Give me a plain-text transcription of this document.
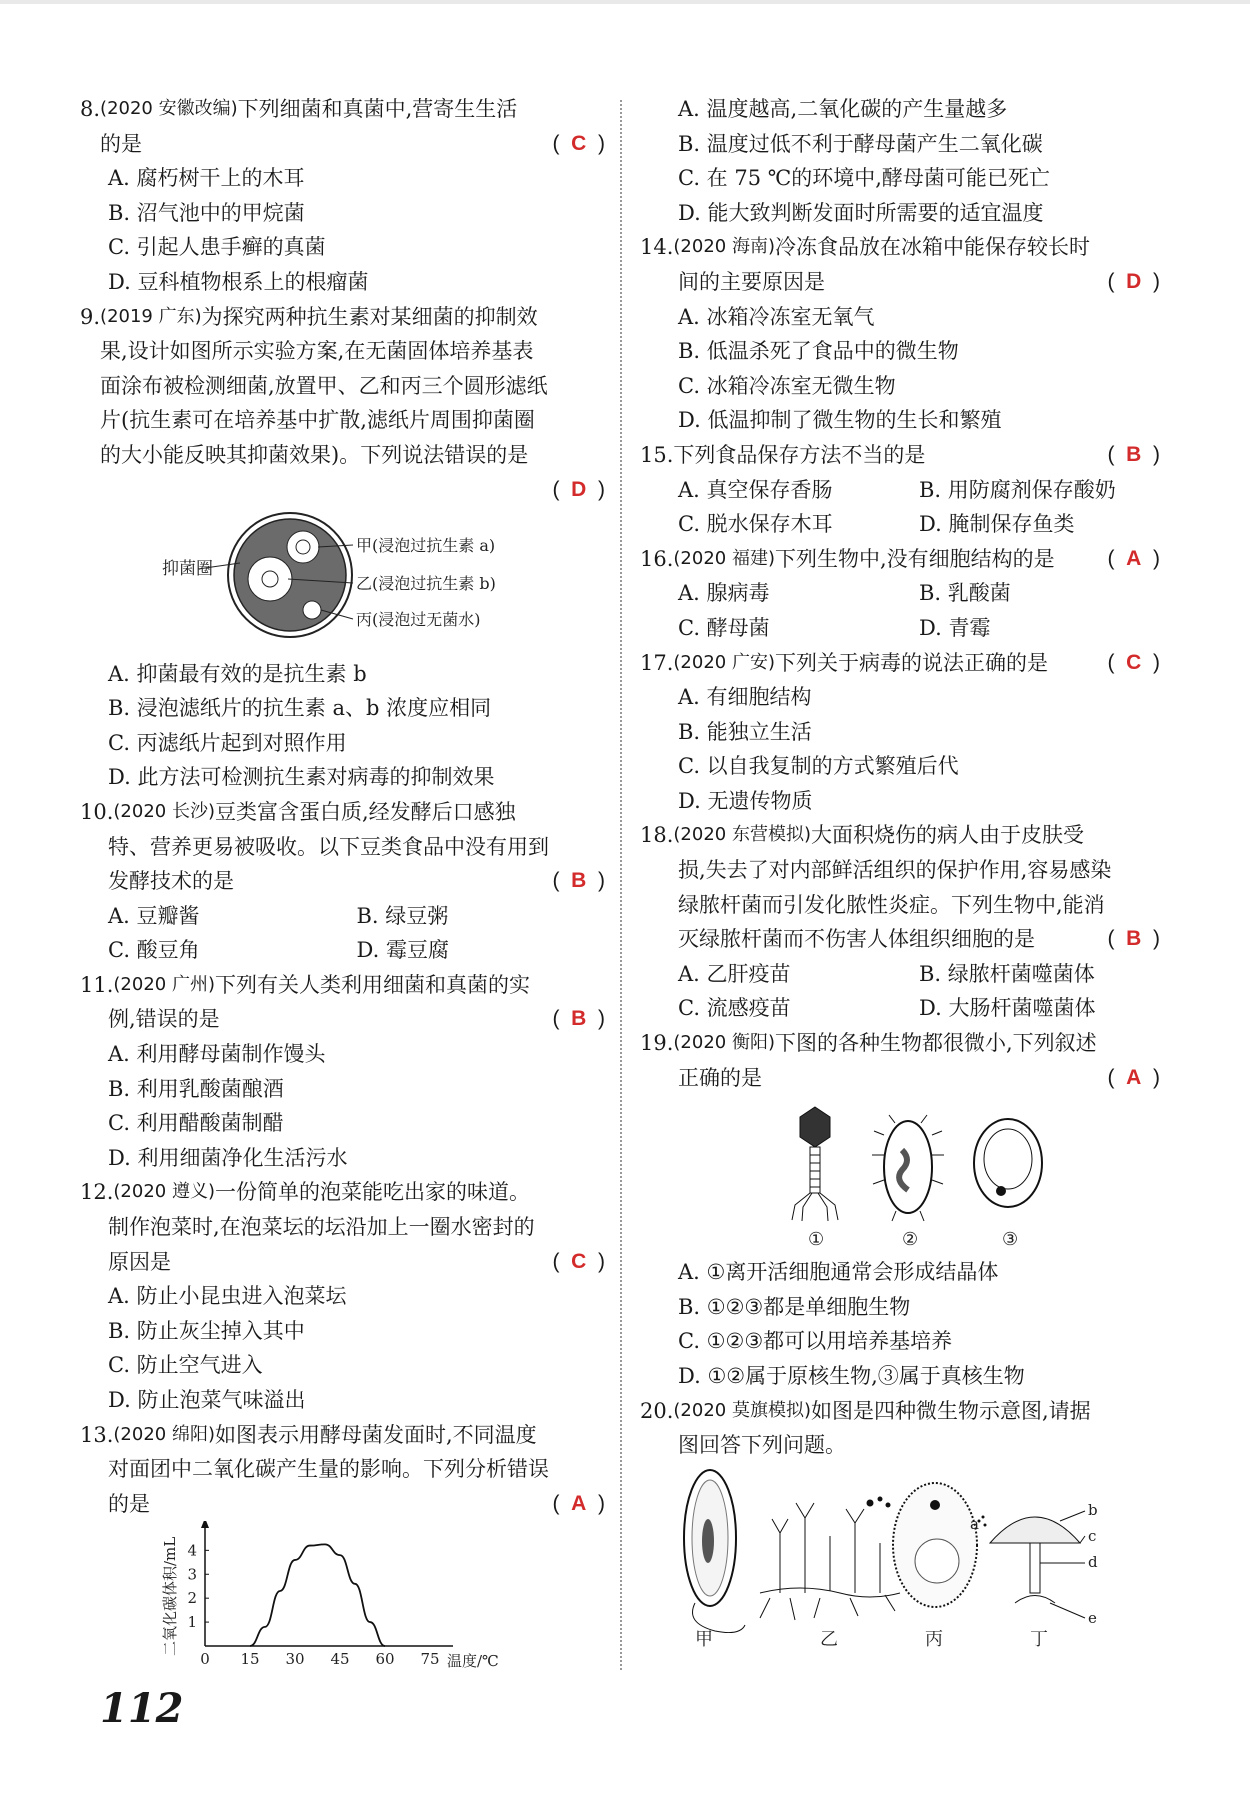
8. (2020 安徽改编) 下列细菌和真菌中,营寄生生活
的是	(  C  )
A. 腐朽树干上的木耳
B. 沼气池中的甲烷菌
C. 引起人患手癣的真菌
D. 豆科植物根系上的根瘤菌
9. (2019 广东) 为探究两种抗生素对某细菌的抑制效
果,设计如图所示实验方案,在无菌固体培养基表
面涂布被检测细菌,放置甲、乙和丙三个圆形滤纸
片(抗生素可在培养基中扩散,滤纸片周围抑菌圈
的大小能反映其抑菌效果)。下列说法错误的是
(  D  )
抑菌圈
甲(浸泡过抗生素 a)
乙(浸泡过抗生素 b)
丙(浸泡过无菌水)
A. 抑菌最有效的是抗生素 b
B. 浸泡滤纸片的抗生素 a、b 浓度应相同
C. 丙滤纸片起到对照作用
D. 此方法可检测抗生素对病毒的抑制效果
10. (2020 长沙) 豆类富含蛋白质,经发酵后口感独
特、营养更易被吸收。以下豆类食品中没有用到
发酵技术的是	(  B  )
A. 豆瓣酱	B. 绿豆粥
C. 酸豆角	D. 霉豆腐
11. (2020 广州) 下列有关人类利用细菌和真菌的实
例,错误的是	(  B  )
A. 利用酵母菌制作馒头
B. 利用乳酸菌酿酒
C. 利用醋酸菌制醋
D. 利用细菌净化生活污水
12. (2020 遵义) 一份简单的泡菜能吃出家的味道。
制作泡菜时,在泡菜坛的坛沿加上一圈水密封的
原因是	(  C  )
A. 防止小昆虫进入泡菜坛
B. 防止灰尘掉入其中
C. 防止空气进入
D. 防止泡菜气味溢出
13. (2020 绵阳) 如图表示用酵母菌发面时,不同温度
对面团中二氧化碳产生量的影响。下列分析错误
的是	(  A  )
0 15 30 45 60 75
1
2
3
4
温度/℃
二氧化碳体积/mL
A. 温度越高,二氧化碳的产生量越多
B. 温度过低不利于酵母菌产生二氧化碳
C. 在 75 ℃的环境中,酵母菌可能已死亡
D. 能大致判断发面时所需要的适宜温度
14. (2020 海南) 冷冻食品放在冰箱中能保存较长时
间的主要原因是	(  D  )
A. 冰箱冷冻室无氧气
B. 低温杀死了食品中的微生物
C. 冰箱冷冻室无微生物
D. 低温抑制了微生物的生长和繁殖
15. 下列食品保存方法不当的是	(  B  )
A. 真空保存香肠	B. 用防腐剂保存酸奶
C. 脱水保存木耳	D. 腌制保存鱼类
16. (2020 福建) 下列生物中,没有细胞结构的是	(  A  )
A. 腺病毒	B. 乳酸菌
C. 酵母菌	D. 青霉
17. (2020 广安) 下列关于病毒的说法正确的是	(  C  )
A. 有细胞结构
B. 能独立生活
C. 以自我复制的方式繁殖后代
D. 无遗传物质
18. (2020 东营模拟) 大面积烧伤的病人由于皮肤受
损,失去了对内部鲜活组织的保护作用,容易感染
绿脓杆菌而引发化脓性炎症。下列生物中,能消
灭绿脓杆菌而不伤害人体组织细胞的是	(  B  )
A. 乙肝疫苗	B. 绿脓杆菌噬菌体
C. 流感疫苗	D. 大肠杆菌噬菌体
19. (2020 衡阳) 下图的各种生物都很微小,下列叙述
正确的是	(  A  )
①	②	③
A. ①离开活细胞通常会形成结晶体
B. ①②③都是单细胞生物
C. ①②③都可以用培养基培养
D. ①②属于原核生物,③属于真核生物
20. (2020 莫旗模拟) 如图是四种微生物示意图,请据
图回答下列问题。
a
b
c
d
e
甲	乙	丙	丁
112
